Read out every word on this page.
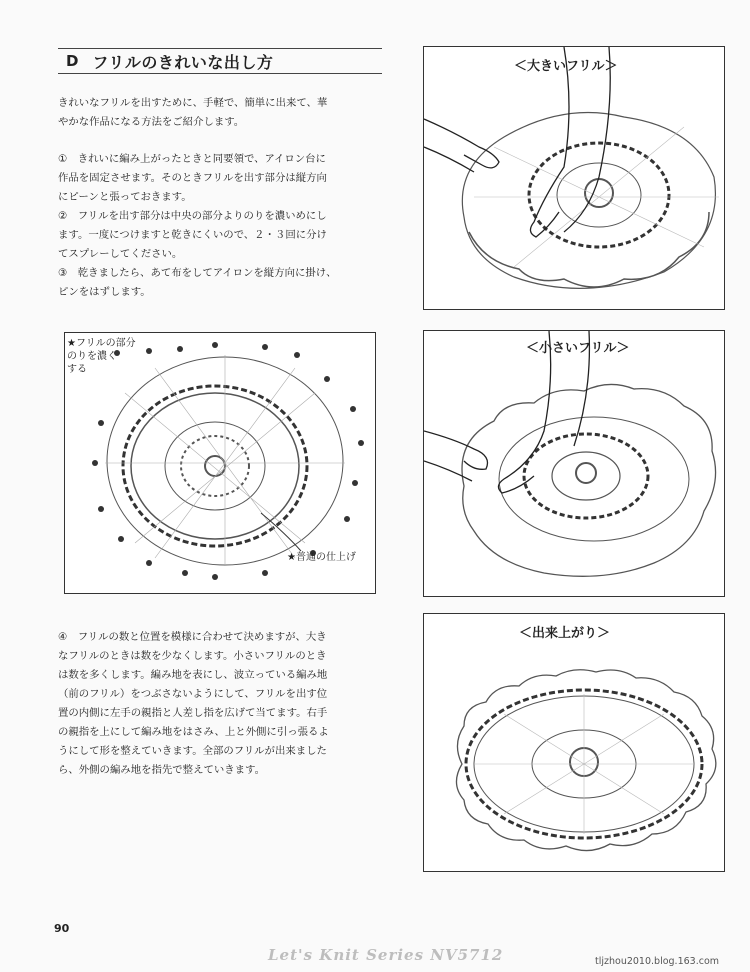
D フリルのきれいな出し方

きれいなフリルを出すために、手軽で、簡単に出来て、華
やかな作品になる方法をご紹介します。

①　きれいに編み上がったときと同要領で、アイロン台に
作品を固定させます。そのときフリルを出す部分は縦方向
にピーンと張っておきます。
②　フリルを出す部分は中央の部分よりのりを濃いめにし
ます。一度につけますと乾きにくいので、２・３回に分け
てスプレーしてください。
③　乾きましたら、あて布をしてアイロンを縦方向に掛け、
ピンをはずします。

④　フリルの数と位置を模様に合わせて決めますが、大き
なフリルのときは数を少なくします。小さいフリルのとき
は数を多くします。編み地を表にし、波立っている編み地
（前のフリル）をつぶさないようにして、フリルを出す位
置の内側に左手の親指と人差し指を広げて当てます。右手
の親指を上にして編み地をはさみ、上と外側に引っ張るよ
うにして形を整えていきます。全部のフリルが出来ました
ら、外側の編み地を指先で整えていきます。

★フリルの部分
のりを濃く
する
★普通の仕上げ
＜大きいフリル＞
＜小さいフリル＞
＜出来上がり＞
90
Let's Knit Series NV5712	tljzhou2010.blog.163.com
